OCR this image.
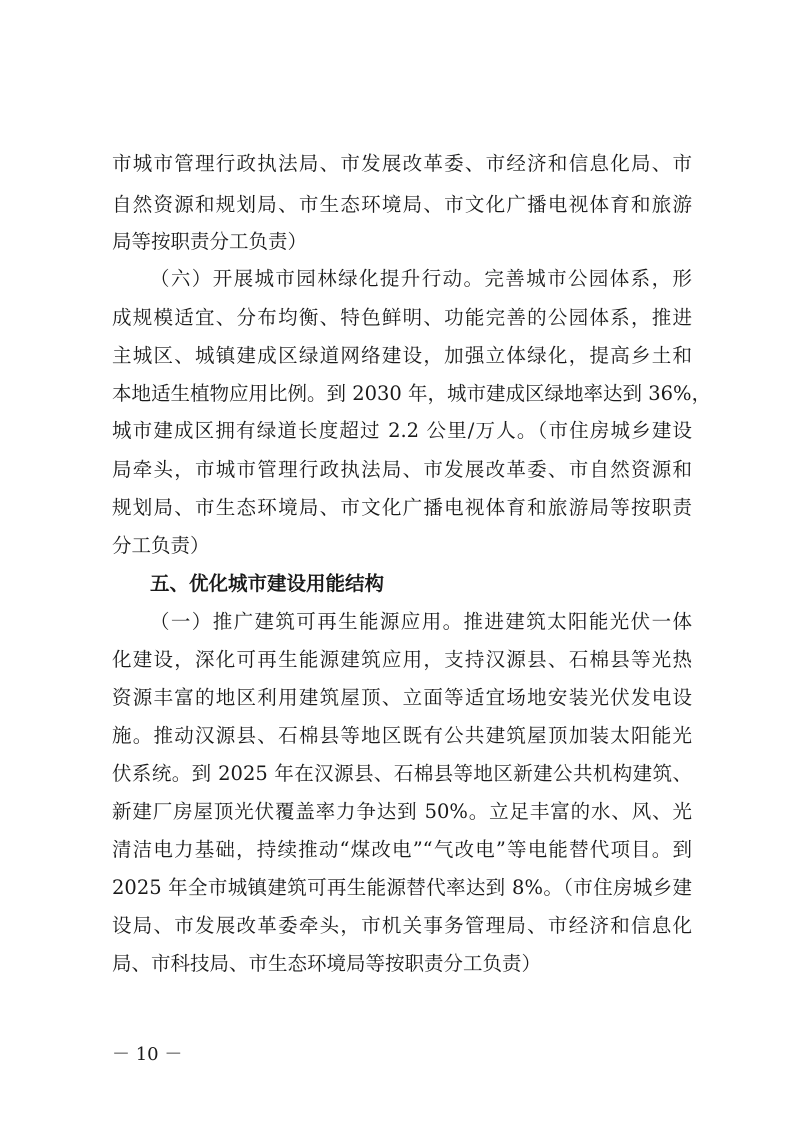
市城市管理行政执法局、市发展改革委、市经济和信息化局、市
自然资源和规划局、市生态环境局、市文化广播电视体育和旅游
局等按职责分工负责）
（六）开展城市园林绿化提升行动。完善城市公园体系，形
成规模适宜、分布均衡、特色鲜明、功能完善的公园体系，推进
主城区、城镇建成区绿道网络建设，加强立体绿化，提高乡土和
本地适生植物应用比例。到 2030 年，城市建成区绿地率达到 36%，
城市建成区拥有绿道长度超过 2.2 公里/万人。（市住房城乡建设
局牵头，市城市管理行政执法局、市发展改革委、市自然资源和
规划局、市生态环境局、市文化广播电视体育和旅游局等按职责
分工负责）
五、优化城市建设用能结构
（一）推广建筑可再生能源应用。推进建筑太阳能光伏一体
化建设，深化可再生能源建筑应用，支持汉源县、石棉县等光热
资源丰富的地区利用建筑屋顶、立面等适宜场地安装光伏发电设
施。推动汉源县、石棉县等地区既有公共建筑屋顶加装太阳能光
伏系统。到 2025 年在汉源县、石棉县等地区新建公共机构建筑、
新建厂房屋顶光伏覆盖率力争达到 50%。立足丰富的水、风、光
清洁电力基础，持续推动“煤改电”“气改电”等电能替代项目。到
2025 年全市城镇建筑可再生能源替代率达到 8%。（市住房城乡建
设局、市发展改革委牵头，市机关事务管理局、市经济和信息化
局、市科技局、市生态环境局等按职责分工负责）
－ 10 －
